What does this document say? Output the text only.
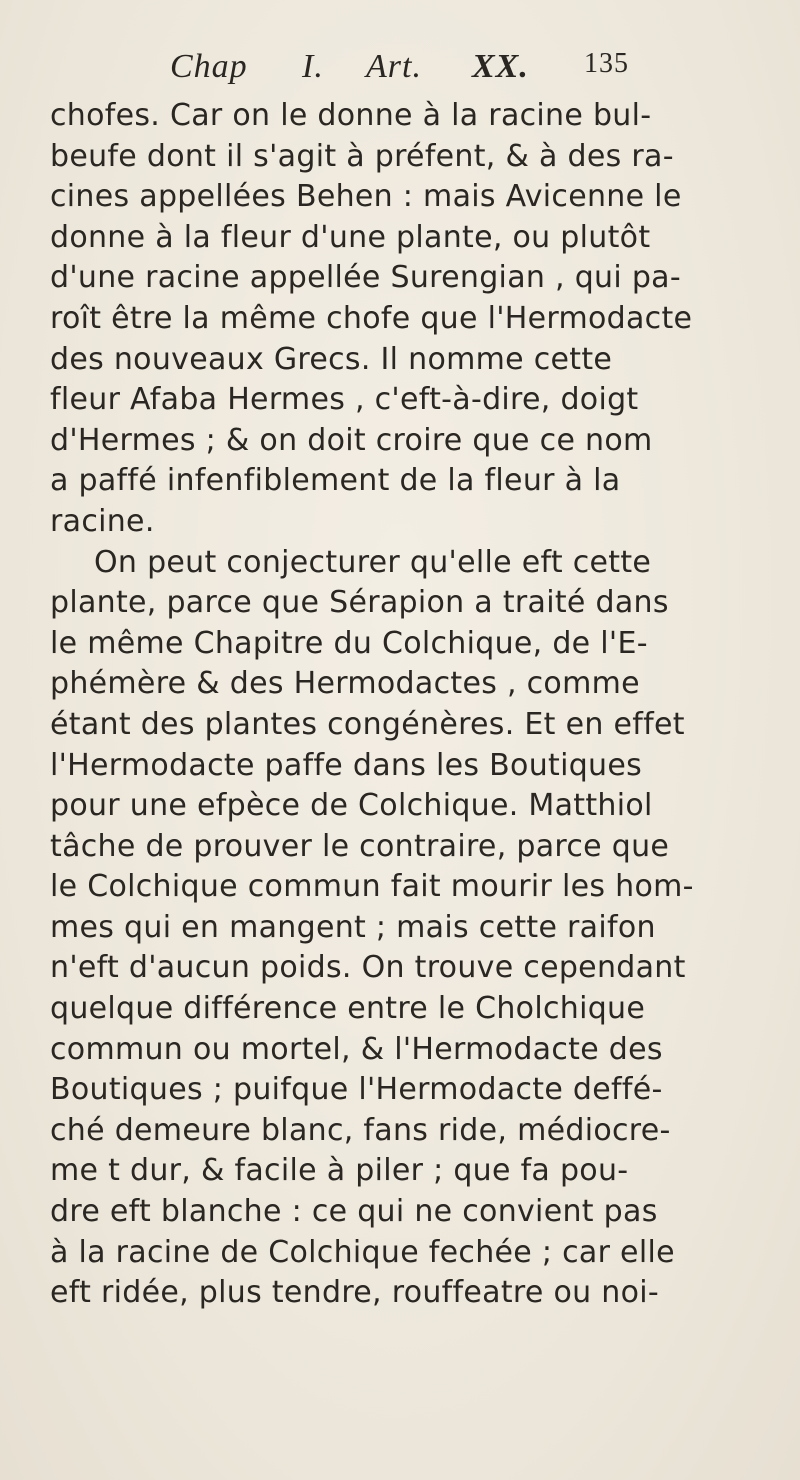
Chap I. Art. XX. 135
chofes. Car on le donne à la racine bul-
beufe dont il s'agit à préfent, & à des ra-
cines appellées Behen : mais Avicenne le
donne à la fleur d'une plante, ou plutôt
d'une racine appellée Surengian , qui pa-
roît être la même chofe que l'Hermodacte
des nouveaux Grecs. Il nomme cette
fleur Afaba Hermes , c'eft-à-dire, doigt
d'Hermes ; & on doit croire que ce nom
a paffé infenfiblement de la fleur à la
racine.
On peut conjecturer qu'elle eft cette
plante, parce que Sérapion a traité dans
le même Chapitre du Colchique, de l'E-
phémère & des Hermodactes , comme
étant des plantes congénères. Et en effet
l'Hermodacte paffe dans les Boutiques
pour une efpèce de Colchique. Matthiol
tâche de prouver le contraire, parce que
le Colchique commun fait mourir les hom-
mes qui en mangent ; mais cette raifon
n'eft d'aucun poids. On trouve cependant
quelque différence entre le Cholchique
commun ou mortel, & l'Hermodacte des
Boutiques ; puifque l'Hermodacte deffé-
ché demeure blanc, fans ride, médiocre-
me t dur, & facile à piler ; que fa pou-
dre eft blanche : ce qui ne convient pas
à la racine de Colchique fechée ; car elle
eft ridée, plus tendre, rouffeatre ou noi-
